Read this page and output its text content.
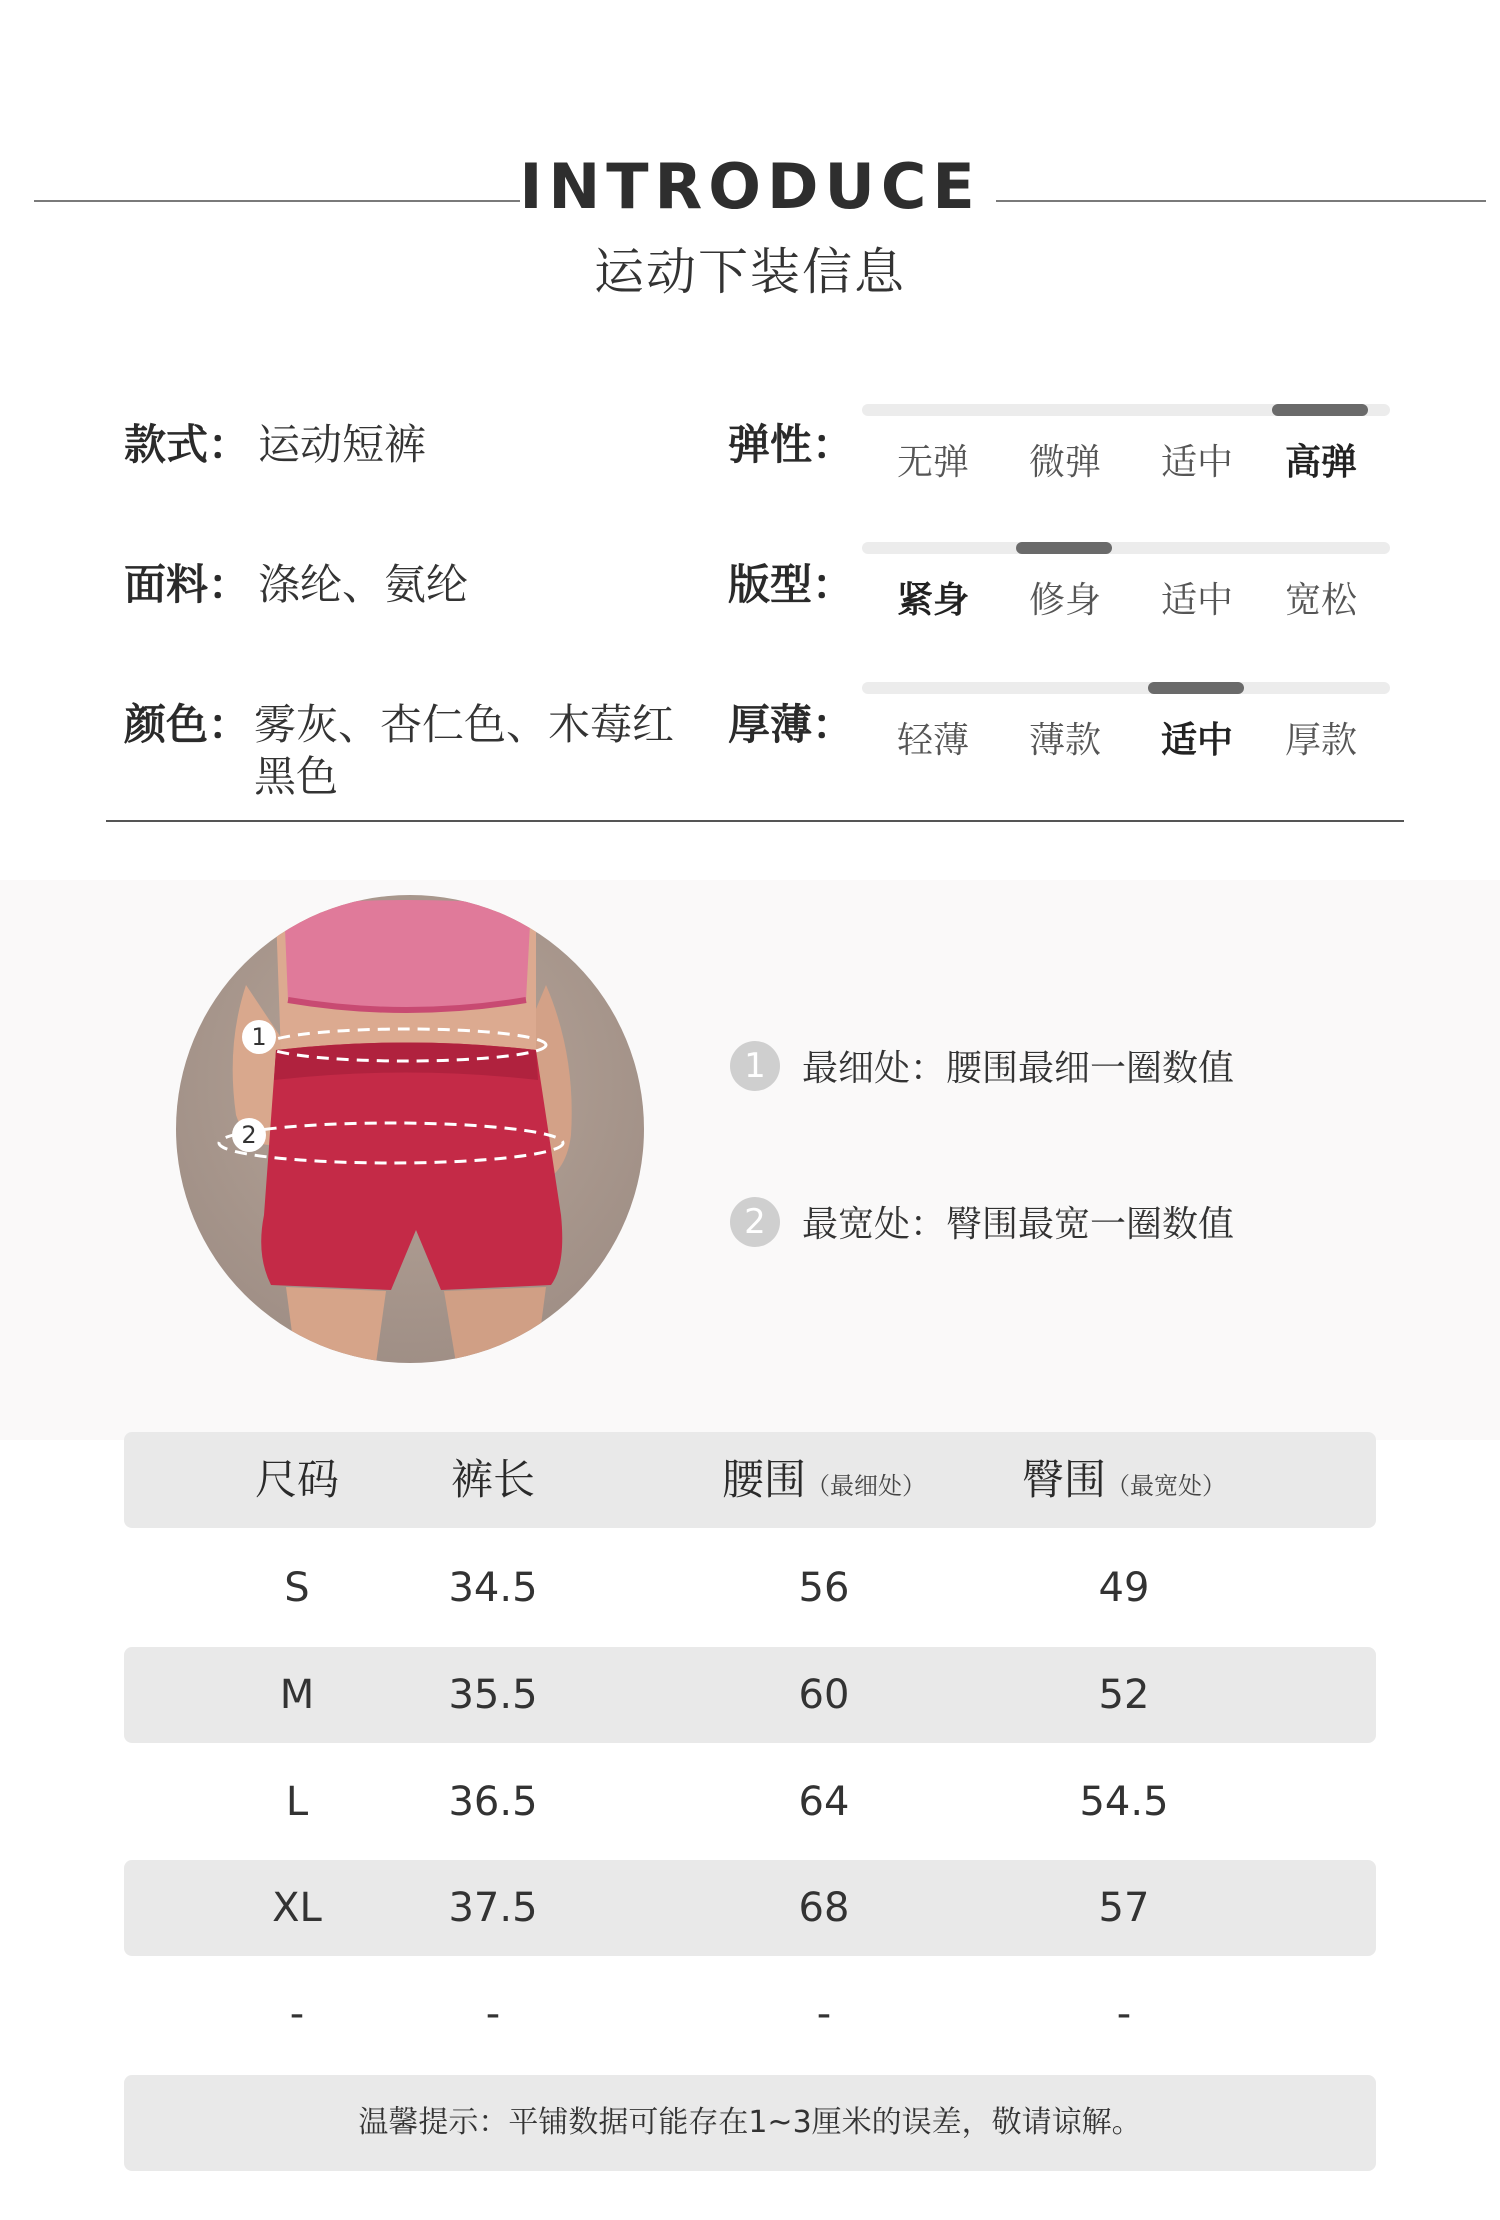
INTRODUCE
运动下装信息
款式： 运动短裤
面料： 涤纶、氨纶
颜色： 雾灰、杏仁色、木莓红
黑色
弹性：	无弹	微弹	适中	高弹
版型：	紧身	修身	适中	宽松
厚薄：	轻薄	薄款	适中	厚款
1
2
1 最细处：腰围最细一圈数值
2 最宽处：臀围最宽一圈数值
尺码	裤长	腰围（最细处）	臀围（最宽处）
S	34.5	56	49
M	35.5	60	52
L	36.5	64	54.5
XL	37.5	68	57
-	-	-	-
温馨提示：平铺数据可能存在1~3厘米的误差，敬请谅解。
